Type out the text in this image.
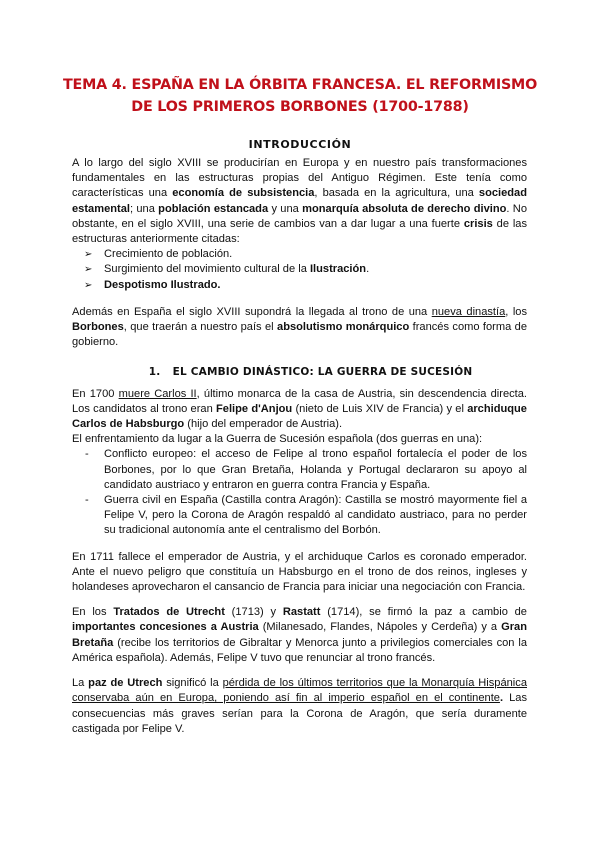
TEMA 4. ESPAÑA EN LA ÓRBITA FRANCESA. EL REFORMISMO DE LOS PRIMEROS BORBONES (1700-1788)
INTRODUCCIÓN

A lo largo del siglo XVIII se producirían en Europa y en nuestro país transformaciones fundamentales en las estructuras propias del Antiguo Régimen. Este tenía como características una economía de subsistencia, basada en la agricultura, una sociedad estamental; una población estancada y una monarquía absoluta de derecho divino. No obstante, en el siglo XVIII, una serie de cambios van a dar lugar a una fuerte crisis de las estructuras anteriormente citadas:

➢ Crecimiento de población.
➢ Surgimiento del movimiento cultural de la Ilustración.
➢ Despotismo Ilustrado.

Además en España el siglo XVIII supondrá la llegada al trono de una nueva dinastía, los Borbones, que traerán a nuestro país el absolutismo monárquico francés como forma de gobierno.

1. EL CAMBIO DINÁSTICO: LA GUERRA DE SUCESIÓN

En 1700 muere Carlos II, último monarca de la casa de Austria, sin descendencia directa. Los candidatos al trono eran Felipe d'Anjou (nieto de Luis XIV de Francia) y el archiduque Carlos de Habsburgo (hijo del emperador de Austria).

El enfrentamiento da lugar a la Guerra de Sucesión española (dos guerras en una):

- Conflicto europeo: el acceso de Felipe al trono español fortalecía el poder de los Borbones, por lo que Gran Bretaña, Holanda y Portugal declararon su apoyo al candidato austriaco y entraron en guerra contra Francia y España.
- Guerra civil en España (Castilla contra Aragón): Castilla se mostró mayormente fiel a Felipe V, pero la Corona de Aragón respaldó al candidato austriaco, para no perder su tradicional autonomía ante el centralismo del Borbón.

En 1711 fallece el emperador de Austria, y el archiduque Carlos es coronado emperador. Ante el nuevo peligro que constituía un Habsburgo en el trono de dos reinos, ingleses y holandeses aprovecharon el cansancio de Francia para iniciar una negociación con Francia.

En los Tratados de Utrecht (1713) y Rastatt (1714), se firmó la paz a cambio de importantes concesiones a Austria (Milanesado, Flandes, Nápoles y Cerdeña) y a Gran Bretaña (recibe los territorios de Gibraltar y Menorca junto a privilegios comerciales con la América española). Además, Felipe V tuvo que renunciar al trono francés.

La paz de Utrech significó la pérdida de los últimos territorios que la Monarquía Hispánica conservaba aún en Europa, poniendo así fin al imperio español en el continente. Las consecuencias más graves serían para la Corona de Aragón, que sería duramente castigada por Felipe V.
